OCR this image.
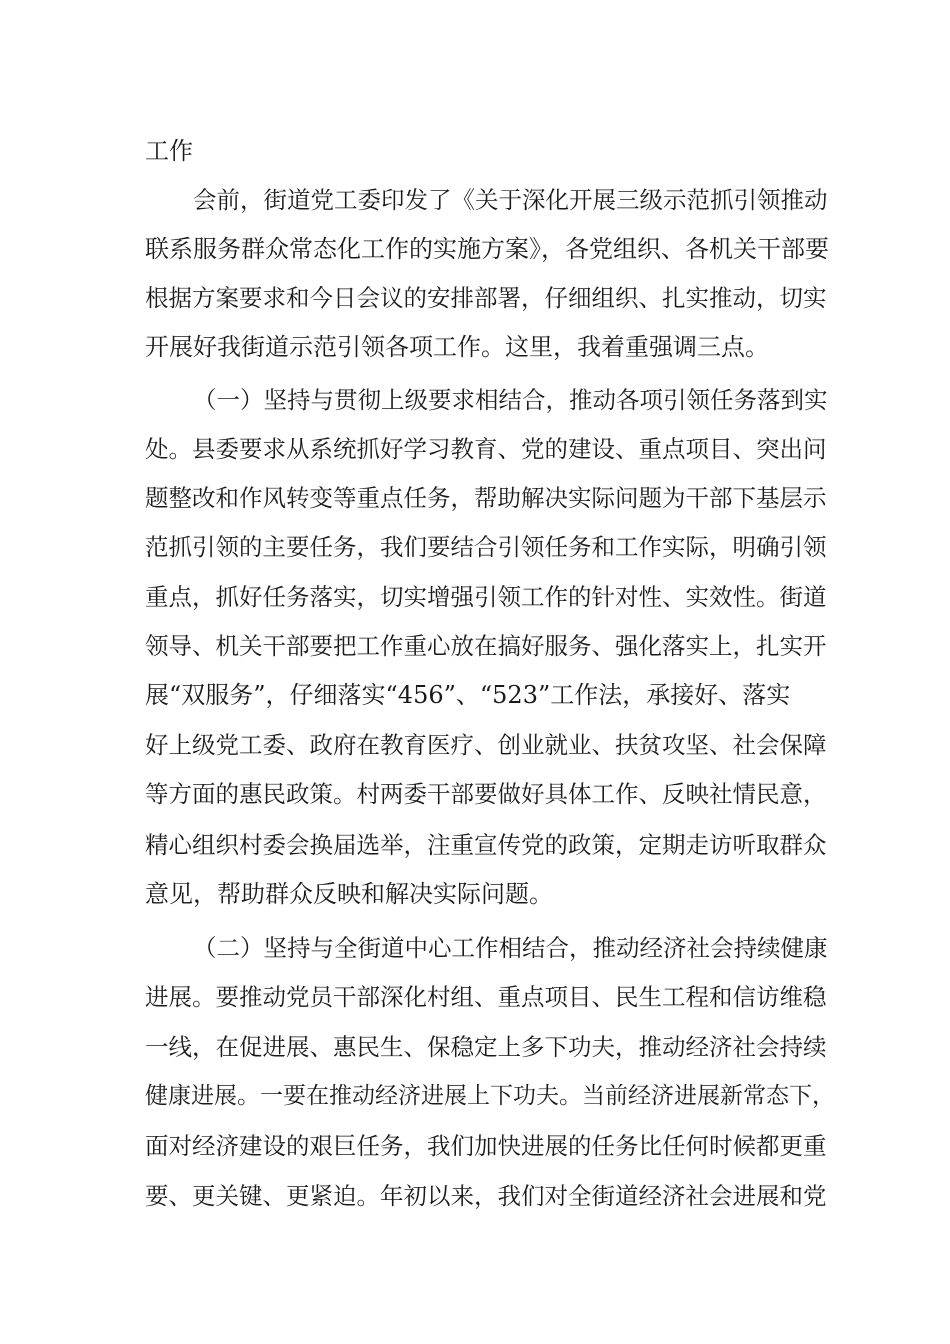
工作
会前，街道党工委印发了《关于深化开展三级示范抓引领推动
联系服务群众常态化工作的实施方案》，各党组织、各机关干部要
根据方案要求和今日会议的安排部署，仔细组织、扎实推动，切实
开展好我街道示范引领各项工作。这里，我着重强调三点。
（一）坚持与贯彻上级要求相结合，推动各项引领任务落到实
处。县委要求从系统抓好学习教育、党的建设、重点项目、突出问
题整改和作风转变等重点任务，帮助解决实际问题为干部下基层示
范抓引领的主要任务，我们要结合引领任务和工作实际，明确引领
重点，抓好任务落实，切实增强引领工作的针对性、实效性。街道
领导、机关干部要把工作重心放在搞好服务、强化落实上，扎实开
展“双服务”，仔细落实“456”、“523”工作法，承接好、落实
好上级党工委、政府在教育医疗、创业就业、扶贫攻坚、社会保障
等方面的惠民政策。村两委干部要做好具体工作、反映社情民意，
精心组织村委会换届选举，注重宣传党的政策，定期走访听取群众
意见，帮助群众反映和解决实际问题。
（二）坚持与全街道中心工作相结合，推动经济社会持续健康
进展。要推动党员干部深化村组、重点项目、民生工程和信访维稳
一线，在促进展、惠民生、保稳定上多下功夫，推动经济社会持续
健康进展。一要在推动经济进展上下功夫。当前经济进展新常态下，
面对经济建设的艰巨任务，我们加快进展的任务比任何时候都更重
要、更关键、更紧迫。年初以来，我们对全街道经济社会进展和党
